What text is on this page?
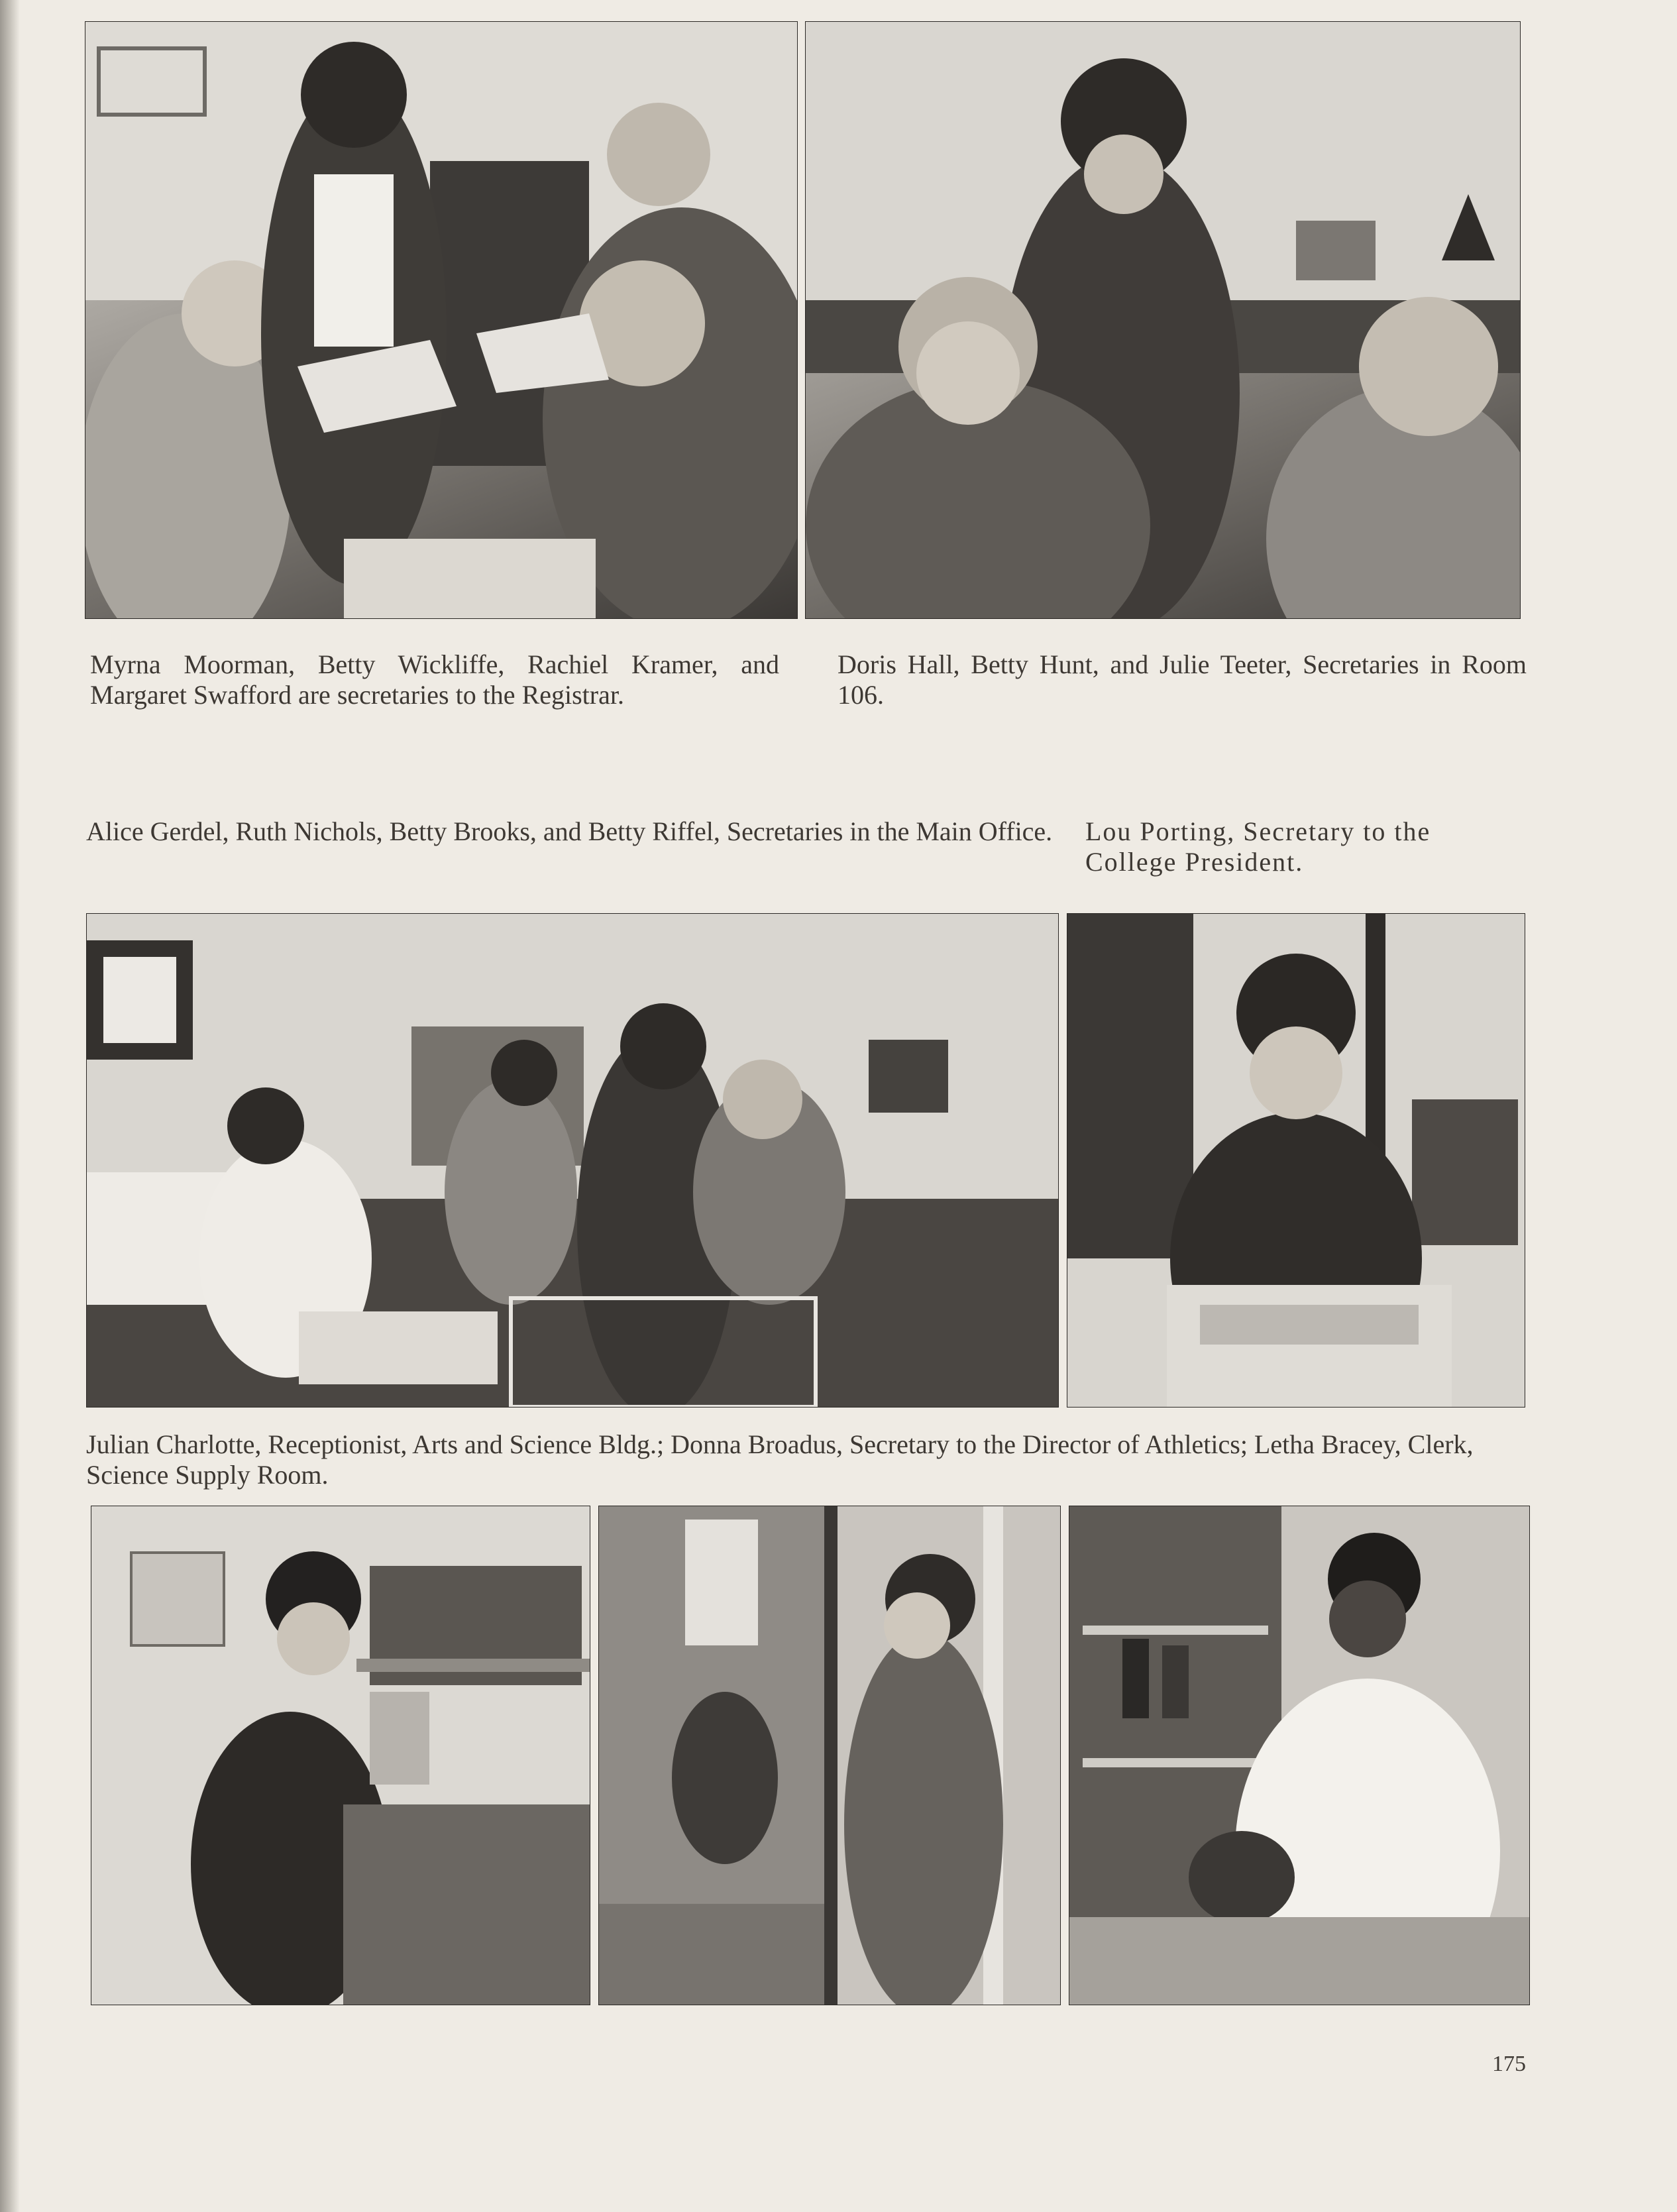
Myrna Moorman, Betty Wickliffe, Rachiel Kramer, and Margaret Swafford are secretaries to the Registrar.

Doris Hall, Betty Hunt, and Julie Teeter, Secretaries in Room 106.

Alice Gerdel, Ruth Nichols, Betty Brooks, and Betty Riffel, Secretaries in the Main Office. Lou Porting, Secretary to the College President.

Julian Charlotte, Receptionist, Arts and Science Bldg.; Donna Broadus, Secretary to the Director of Athletics; Letha Bracey, Clerk, Science Supply Room.

175
